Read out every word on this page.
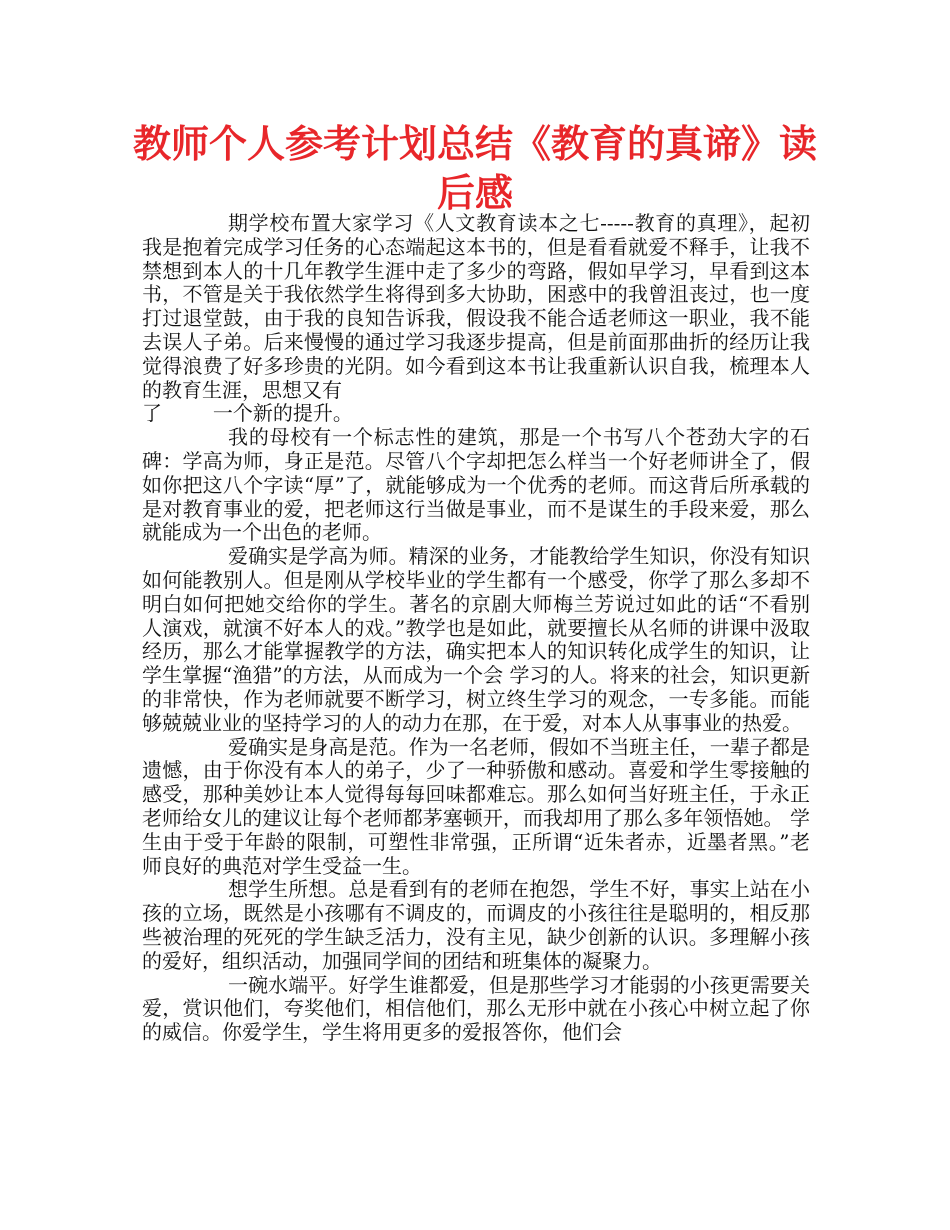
教师个人参考计划总结《教育的真谛》读后感

期学校布置大家学习《人文教育读本之七-----教育的真理》，起初我是抱着完成学习任务的心态端起这本书的，但是看看就爱不释手，让我不禁想到本人的十几年教学生涯中走了多少的弯路，假如早学习，早看到这本书，不管是关于我依然学生将得到多大协助，困惑中的我曾沮丧过，也一度打过退堂鼓，由于我的良知告诉我，假设我不能合适老师这一职业，我不能去误人子弟。后来慢慢的通过学习我逐步提高，但是前面那曲折的经历让我觉得浪费了好多珍贵的光阴。如今看到这本书让我重新认识自我，梳理本人的教育生涯，思想又有
了        一个新的提升。

我的母校有一个标志性的建筑，那是一个书写八个苍劲大字的石碑：学高为师，身正是范。尽管八个字却把怎么样当一个好老师讲全了，假如你把这八个字读“厚”了，就能够成为一个优秀的老师。而这背后所承载的是对教育事业的爱，把老师这行当做是事业，而不是谋生的手段来爱，那么就能成为一个出色的老师。

爱确实是学高为师。精深的业务，才能教给学生知识，你没有知识如何能教别人。但是刚从学校毕业的学生都有一个感受，你学了那么多却不明白如何把她交给你的学生。著名的京剧大师梅兰芳说过如此的话“不看别人演戏，就演不好本人的戏。”教学也是如此，就要擅长从名师的讲课中汲取经历，那么才能掌握教学的方法，确实把本人的知识转化成学生的知识，让学生掌握“渔猎”的方法，从而成为一个会 学习的人。将来的社会，知识更新的非常快，作为老师就要不断学习，树立终生学习的观念，一专多能。而能够兢兢业业的坚持学习的人的动力在那，在于爱，对本人从事事业的热爱。

爱确实是身高是范。作为一名老师，假如不当班主任，一辈子都是遗憾，由于你没有本人的弟子，少了一种骄傲和感动。喜爱和学生零接触的感受，那种美妙让本人觉得每每回味都难忘。那么如何当好班主任，于永正老师给女儿的建议让每个老师都茅塞顿开，而我却用了那么多年领悟她。 学生由于受于年龄的限制，可塑性非常强，正所谓“近朱者赤，近墨者黑。”老师良好的典范对学生受益一生。

想学生所想。总是看到有的老师在抱怨，学生不好，事实上站在小孩的立场，既然是小孩哪有不调皮的，而调皮的小孩往往是聪明的，相反那些被治理的死死的学生缺乏活力，没有主见，缺少创新的认识。多理解小孩的爱好，组织活动，加强同学间的团结和班集体的凝聚力。

一碗水端平。好学生谁都爱，但是那些学习才能弱的小孩更需要关爱，赏识他们，夸奖他们，相信他们，那么无形中就在小孩心中树立起了你的威信。你爱学生，学生将用更多的爱报答你，他们会
